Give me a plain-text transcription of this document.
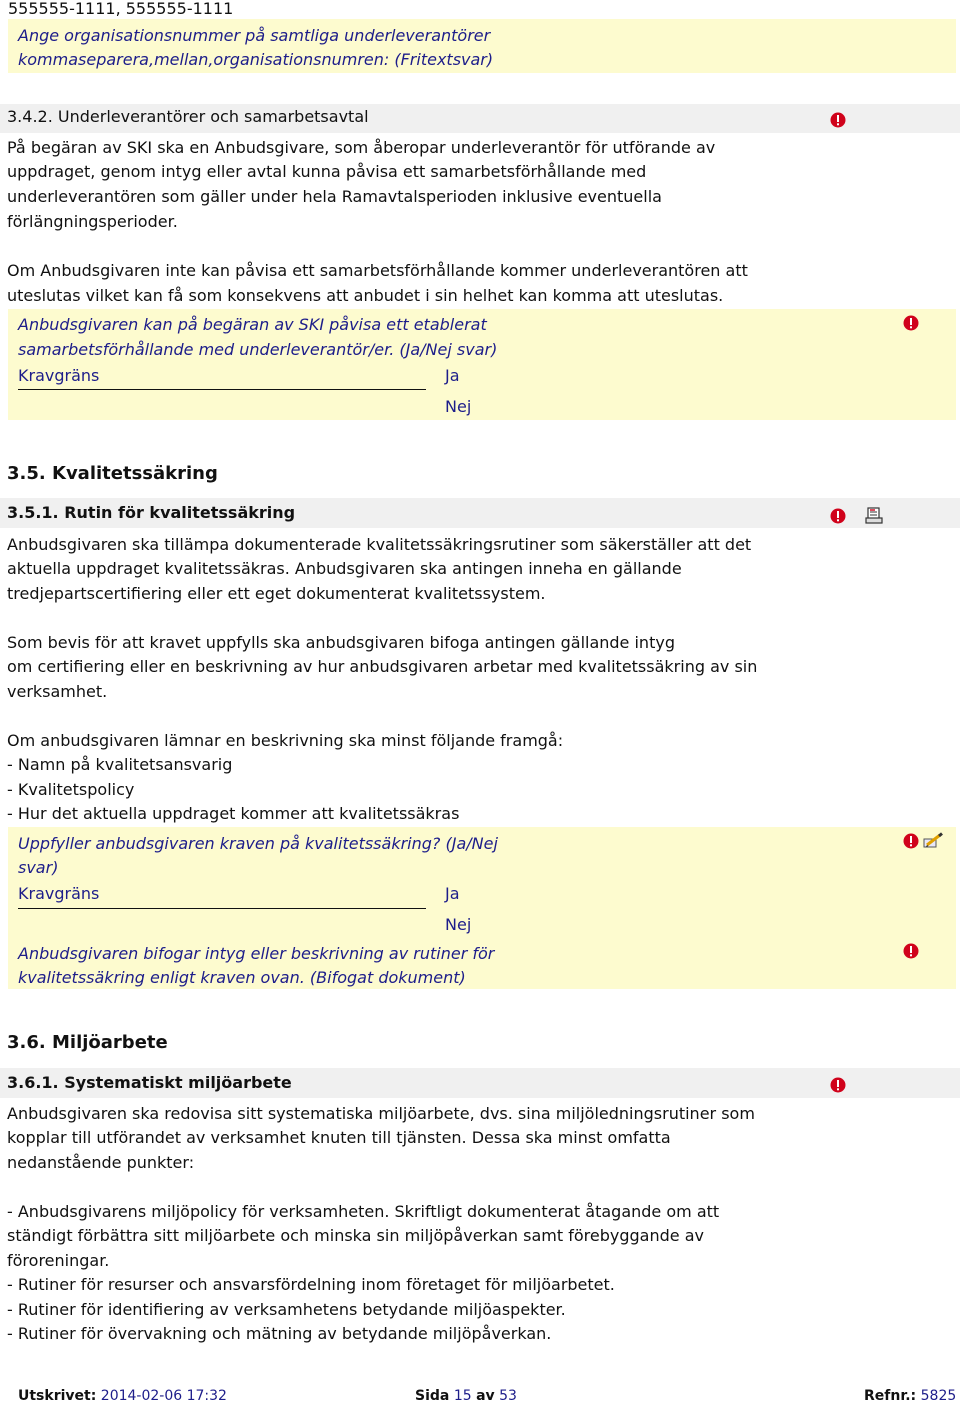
555555-1111, 555555-1111
Ange organisationsnummer på samtliga underleverantörer
kommaseparera,mellan,organisationsnumren: (Fritextsvar)
3.4.2. Underleverantörer och samarbetsavtal
På begäran av SKI ska en Anbudsgivare, som åberopar underleverantör för utförande av
uppdraget, genom intyg eller avtal kunna påvisa ett samarbetsförhållande med
underleverantören som gäller under hela Ramavtalsperioden inklusive eventuella
förlängningsperioder.
Om Anbudsgivaren inte kan påvisa ett samarbetsförhållande kommer underleverantören att
uteslutas vilket kan få som konsekvens att anbudet i sin helhet kan komma att uteslutas.
Anbudsgivaren kan på begäran av SKI påvisa ett etablerat
samarbetsförhållande med underleverantör/er. (Ja/Nej svar)
Kravgräns	Ja
Nej
3.5. Kvalitetssäkring
3.5.1. Rutin för kvalitetssäkring
Anbudsgivaren ska tillämpa dokumenterade kvalitetssäkringsrutiner som säkerställer att det
aktuella uppdraget kvalitetssäkras. Anbudsgivaren ska antingen inneha en gällande
tredjepartscertifiering eller ett eget dokumenterat kvalitetssystem.
Som bevis för att kravet uppfylls ska anbudsgivaren bifoga antingen gällande intyg
om certifiering eller en beskrivning av hur anbudsgivaren arbetar med kvalitetssäkring av sin
verksamhet.
Om anbudsgivaren lämnar en beskrivning ska minst följande framgå:
- Namn på kvalitetsansvarig
- Kvalitetspolicy
- Hur det aktuella uppdraget kommer att kvalitetssäkras
Uppfyller anbudsgivaren kraven på kvalitetssäkring? (Ja/Nej
svar)
Kravgräns	Ja
Nej
Anbudsgivaren bifogar intyg eller beskrivning av rutiner för
kvalitetssäkring enligt kraven ovan. (Bifogat dokument)
3.6. Miljöarbete
3.6.1. Systematiskt miljöarbete
Anbudsgivaren ska redovisa sitt systematiska miljöarbete, dvs. sina miljöledningsrutiner som
kopplar till utförandet av verksamhet knuten till tjänsten. Dessa ska minst omfatta
nedanstående punkter:
- Anbudsgivarens miljöpolicy för verksamheten. Skriftligt dokumenterat åtagande om att
ständigt förbättra sitt miljöarbete och minska sin miljöpåverkan samt förebyggande av
föroreningar.
- Rutiner för resurser och ansvarsfördelning inom företaget för miljöarbetet.
- Rutiner för identifiering av verksamhetens betydande miljöaspekter.
- Rutiner för övervakning och mätning av betydande miljöpåverkan.
Utskrivet: 2014-02-06 17:32	Sida 15 av 53	Refnr.: 5825
